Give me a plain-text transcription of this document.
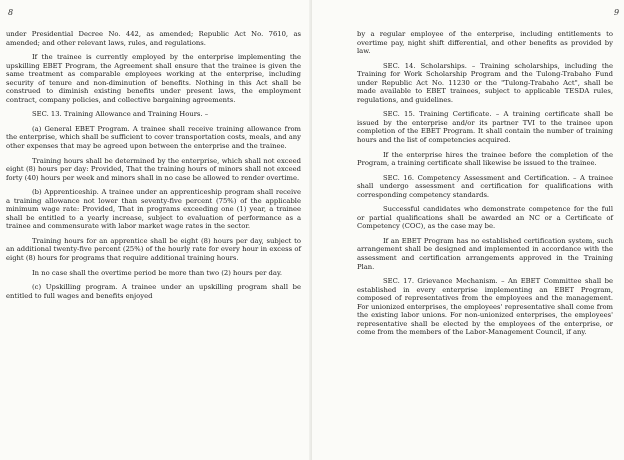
8

under Presidential Decree No. 442, as amended; Republic Act No. 7610, as amended; and other relevant laws, rules, and regulations.

If the trainee is currently employed by the enterprise implementing the upskilling EBET Program, the Agreement shall ensure that the trainee is given the same treatment as comparable employees working at the enterprise, including security of tenure and non-diminution of benefits. Nothing in this Act shall be construed to diminish existing benefits under present laws, the employment contract, company policies, and collective bargaining agreements.

SEC. 13. Training Allowance and Training Hours. –

(a) General EBET Program. A trainee shall receive training allowance from the enterprise, which shall be sufficient to cover transportation costs, meals, and any other expenses that may be agreed upon between the enterprise and the trainee.

Training hours shall be determined by the enterprise, which shall not exceed eight (8) hours per day: Provided, That the training hours of minors shall not exceed forty (40) hours per week and minors shall in no case be allowed to render overtime.

(b) Apprenticeship. A trainee under an apprenticeship program shall receive a training allowance not lower than seventy-five percent (75%) of the applicable minimum wage rate: Provided, That in programs exceeding one (1) year, a trainee shall be entitled to a yearly increase, subject to evaluation of performance as a trainee and commensurate with labor market wage rates in the sector.

Training hours for an apprentice shall be eight (8) hours per day, subject to an additional twenty-five percent (25%) of the hourly rate for every hour in excess of eight (8) hours for programs that require additional training hours.

In no case shall the overtime period be more than two (2) hours per day.

(c) Upskilling program. A trainee under an upskilling program shall be entitled to full wages and benefits enjoyed

9

by a regular employee of the enterprise, including entitlements to overtime pay, night shift differential, and other benefits as provided by law.

SEC. 14. Scholarships. – Training scholarships, including the Training for Work Scholarship Program and the Tulong-Trabaho Fund under Republic Act No. 11230 or the "Tulong-Trabaho Act", shall be made available to EBET trainees, subject to applicable TESDA rules, regulations, and guidelines.

SEC. 15. Training Certificate. – A training certificate shall be issued by the enterprise and/or its partner TVI to the trainee upon completion of the EBET Program. It shall contain the number of training hours and the list of competencies acquired.

If the enterprise hires the trainee before the completion of the Program, a training certificate shall likewise be issued to the trainee.

SEC. 16. Competency Assessment and Certification. – A trainee shall undergo assessment and certification for qualifications with corresponding competency standards.

Successful candidates who demonstrate competence for the full or partial qualifications shall be awarded an NC or a Certificate of Competency (COC), as the case may be.

If an EBET Program has no established certification system, such arrangement shall be designed and implemented in accordance with the assessment and certification arrangements approved in the Training Plan.

SEC. 17. Grievance Mechanism. – An EBET Committee shall be established in every enterprise implementing an EBET Program, composed of representatives from the employees and the management. For unionized enterprises, the employees' representative shall come from the existing labor unions. For non-unionized enterprises, the employees' representative shall be elected by the employees of the enterprise, or come from the members of the Labor-Management Council, if any.
